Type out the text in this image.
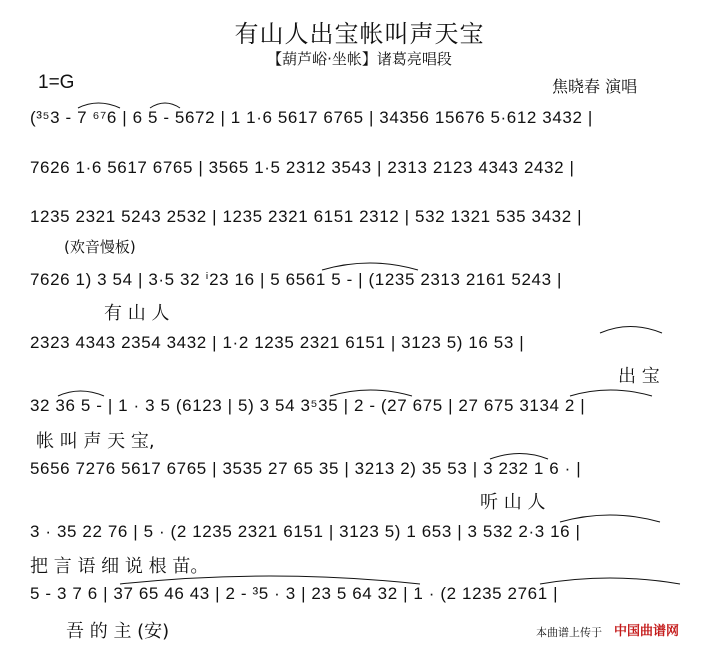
有山人出宝帐叫声天宝
【葫芦峪·坐帐】诸葛亮唱段
1=G	焦晓春 演唱
(³⁵3 - 7 ⁶⁷6 | 6 5 - 5672 | 1 1·6 5617 6765 | 34356 15676 5·612 3432 |
7626 1·6 5617 6765 | 3565 1·5 2312 3543 | 2313 2123 4343 2432 |
1235 2321 5243 2532 | 1235 2321 6151 2312 | 532 1321 535 3432 |
(欢音慢板)
7626 1) 3 54 | 3·5 32 ⁱ23 16 | 5 6561 5 - | (1235 2313 2161 5243 |
有 山 人
2323 4343 2354 3432 | 1·2 1235 2321 6151 | 3123 5) 16 53 |
出 宝
32 36 5 - | 1 · 3 5 (6123 | 5) 3 54 3⁵35 | 2 - (27 675 | 27 675 3134 2 |
帐 叫 声 天 宝,
5656 7276 5617 6765 | 3535 27 65 35 | 3213 2) 35 53 | 3 232 1 6 · |
听 山 人
3 · 35 22 76 | 5 · (2 1235 2321 6151 | 3123 5) 1 653 | 3 532 2·3 16 |
把 言 语 细 说 根 苗。
5 - 3 7 6 | 37 65 46 43 | 2 - ³5 · 3 | 23 5 64 32 | 1 · (2 1235 2761 |
吾 的 主 (安)	本曲谱上传于 中国曲谱网
